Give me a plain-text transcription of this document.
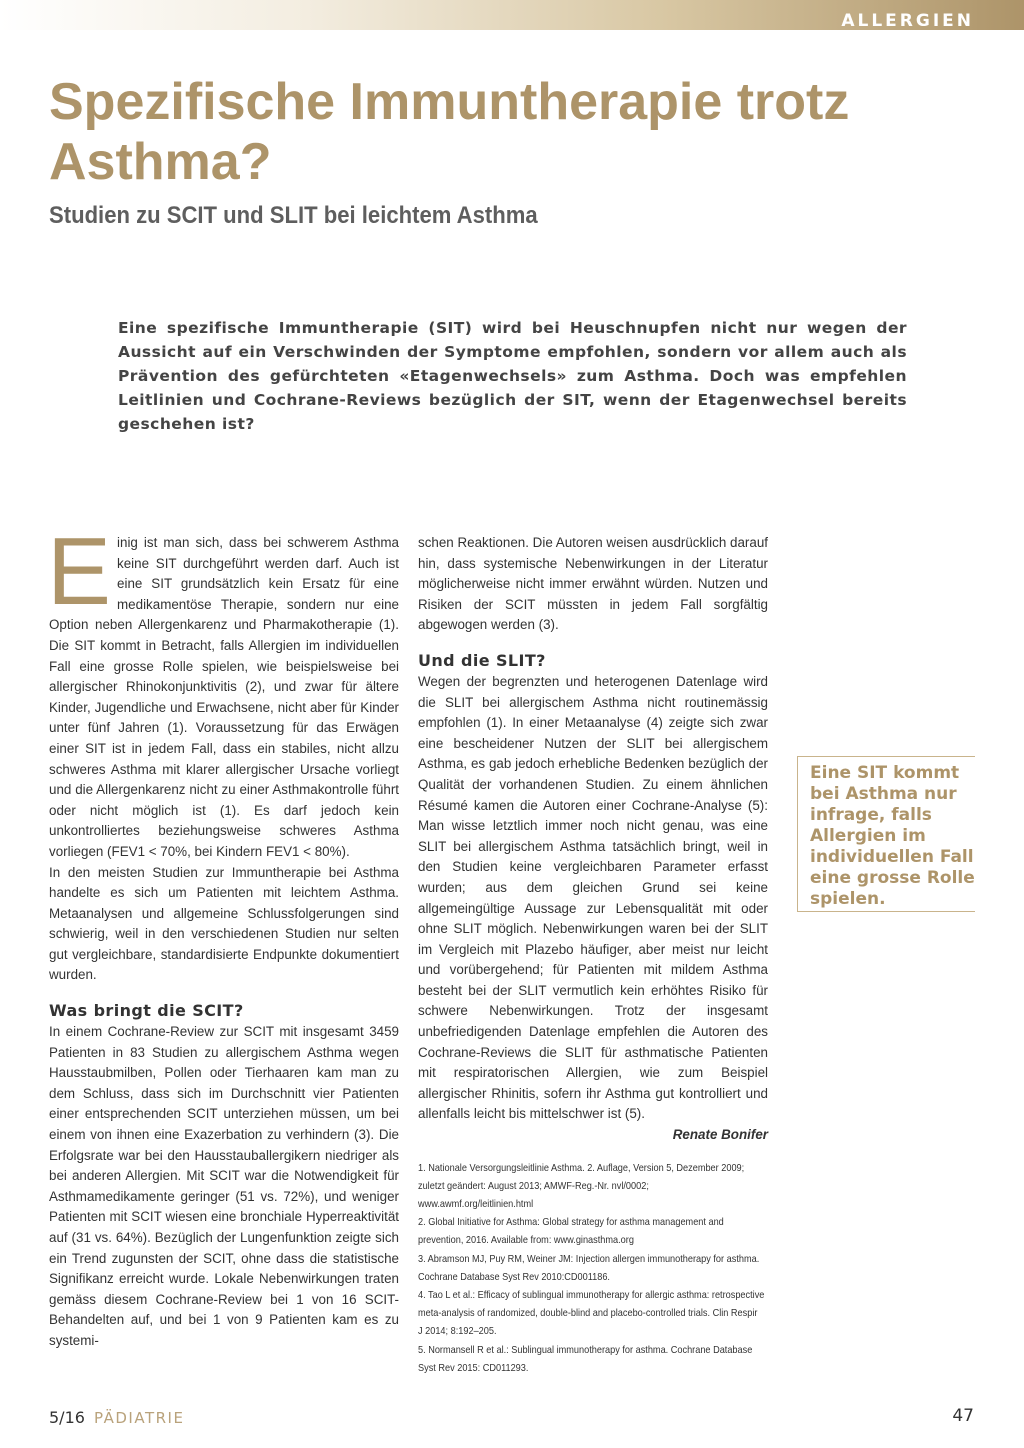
ALLERGIEN
Spezifische Immuntherapie trotz Asthma?
Studien zu SCIT und SLIT bei leichtem Asthma

Eine spezifische Immuntherapie (SIT) wird bei Heuschnupfen nicht nur wegen der Aussicht auf ein Verschwinden der Symptome empfohlen, sondern vor allem auch als Prävention des gefürchteten «Etagenwechsels» zum Asthma. Doch was empfehlen Leitlinien und Cochrane-Reviews bezüglich der SIT, wenn der Etagenwechsel bereits geschehen ist?

Einig ist man sich, dass bei schwerem Asthma keine SIT durchgeführt werden darf. Auch ist eine SIT grundsätzlich kein Ersatz für eine medikamentöse Therapie, sondern nur eine Option neben Allergenkarenz und Pharmakotherapie (1). Die SIT kommt in Betracht, falls Allergien im individuellen Fall eine grosse Rolle spielen, wie beispielsweise bei allergischer Rhinokonjunktivitis (2), und zwar für ältere Kinder, Jugendliche und Erwachsene, nicht aber für Kinder unter fünf Jahren (1). Voraussetzung für das Erwägen einer SIT ist in jedem Fall, dass ein stabiles, nicht allzu schweres Asthma mit klarer allergischer Ursache vorliegt und die Allergenkarenz nicht zu einer Asthmakontrolle führt oder nicht möglich ist (1). Es darf jedoch kein unkontrolliertes beziehungsweise schweres Asthma vorliegen (FEV1 < 70%, bei Kindern FEV1 < 80%).

In den meisten Studien zur Immuntherapie bei Asthma handelte es sich um Patienten mit leichtem Asthma. Metaanalysen und allgemeine Schlussfolgerungen sind schwierig, weil in den verschiedenen Studien nur selten gut vergleichbare, standardisierte Endpunkte dokumentiert wurden.

Was bringt die SCIT?

In einem Cochrane-Review zur SCIT mit insgesamt 3459 Patienten in 83 Studien zu allergischem Asthma wegen Hausstaubmilben, Pollen oder Tierhaaren kam man zu dem Schluss, dass sich im Durchschnitt vier Patienten einer entsprechenden SCIT unterziehen müssen, um bei einem von ihnen eine Exazerbation zu verhindern (3). Die Erfolgsrate war bei den Hausstauballergikern niedriger als bei anderen Allergien. Mit SCIT war die Notwendigkeit für Asthmamedikamente geringer (51 vs. 72%), und weniger Patienten mit SCIT wiesen eine bronchiale Hyperreaktivität auf (31 vs. 64%). Bezüglich der Lungenfunktion zeigte sich ein Trend zugunsten der SCIT, ohne dass die statistische Signifikanz erreicht wurde. Lokale Nebenwirkungen traten gemäss diesem Cochrane-Review bei 1 von 16 SCIT-Behandelten auf, und bei 1 von 9 Patienten kam es zu systemi-

schen Reaktionen. Die Autoren weisen ausdrücklich darauf hin, dass systemische Nebenwirkungen in der Literatur möglicherweise nicht immer erwähnt würden. Nutzen und Risiken der SCIT müssten in jedem Fall sorgfältig abgewogen werden (3).

Und die SLIT?

Wegen der begrenzten und heterogenen Datenlage wird die SLIT bei allergischem Asthma nicht routinemässig empfohlen (1). In einer Metaanalyse (4) zeigte sich zwar eine bescheidener Nutzen der SLIT bei allergischem Asthma, es gab jedoch erhebliche Bedenken bezüglich der Qualität der vorhandenen Studien. Zu einem ähnlichen Résumé kamen die Autoren einer Cochrane-Analyse (5): Man wisse letztlich immer noch nicht genau, was eine SLIT bei allergischem Asthma tatsächlich bringt, weil in den Studien keine vergleichbaren Parameter erfasst wurden; aus dem gleichen Grund sei keine allgemeingültige Aussage zur Lebensqualität mit oder ohne SLIT möglich. Nebenwirkungen waren bei der SLIT im Vergleich mit Plazebo häufiger, aber meist nur leicht und vorübergehend; für Patienten mit mildem Asthma besteht bei der SLIT vermutlich kein erhöhtes Risiko für schwere Nebenwirkungen. Trotz der insgesamt unbefriedigenden Datenlage empfehlen die Autoren des Cochrane-Reviews die SLIT für asthmatische Patienten mit respiratorischen Allergien, wie zum Beispiel allergischer Rhinitis, sofern ihr Asthma gut kontrolliert und allenfalls leicht bis mittelschwer ist (5).

Renate Bonifer

1. Nationale Versorgungsleitlinie Asthma. 2. Auflage, Version 5, Dezember 2009; zuletzt geändert: August 2013; AMWF-Reg.-Nr. nvl/0002; www.awmf.org/leitlinien.html
2. Global Initiative for Asthma: Global strategy for asthma management and prevention, 2016. Available from: www.ginasthma.org
3. Abramson MJ, Puy RM, Weiner JM: Injection allergen immunotherapy for asthma. Cochrane Database Syst Rev 2010:CD001186.
4. Tao L et al.: Efficacy of sublingual immunotherapy for allergic asthma: retrospective meta-analysis of randomized, double-blind and placebo-controlled trials. Clin Respir J 2014; 8:192–205.
5. Normansell R et al.: Sublingual immunotherapy for asthma. Cochrane Database Syst Rev 2015: CD011293.
Eine SIT kommt bei Asthma nur infrage, falls Allergien im individuellen Fall eine grosse Rolle spielen.
5/16 PÄDIATRIE	47
